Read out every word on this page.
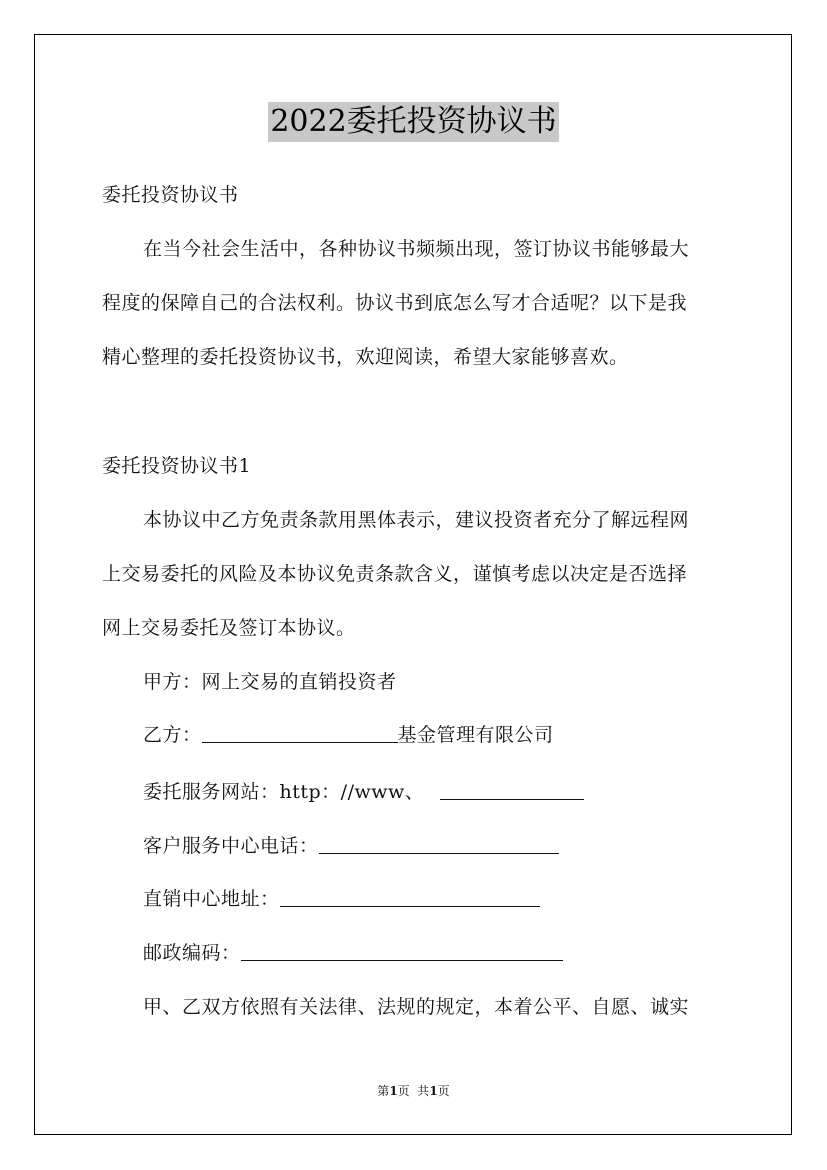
2022委托投资协议书
委托投资协议书
在当今社会生活中，各种协议书频频出现，签订协议书能够最大
程度的保障自己的合法权利。协议书到底怎么写才合适呢？以下是我
精心整理的委托投资协议书，欢迎阅读，希望大家能够喜欢。
委托投资协议书1
本协议中乙方免责条款用黑体表示，建议投资者充分了解远程网
上交易委托的风险及本协议免责条款含义，谨慎考虑以决定是否选择
网上交易委托及签订本协议。
甲方：网上交易的直销投资者
乙方：	基金管理有限公司
委托服务网站：http：//www、
客户服务中心电话：
直销中心地址：
邮政编码：
甲、乙双方依照有关法律、法规的规定，本着公平、自愿、诚实
第1页  共1页
